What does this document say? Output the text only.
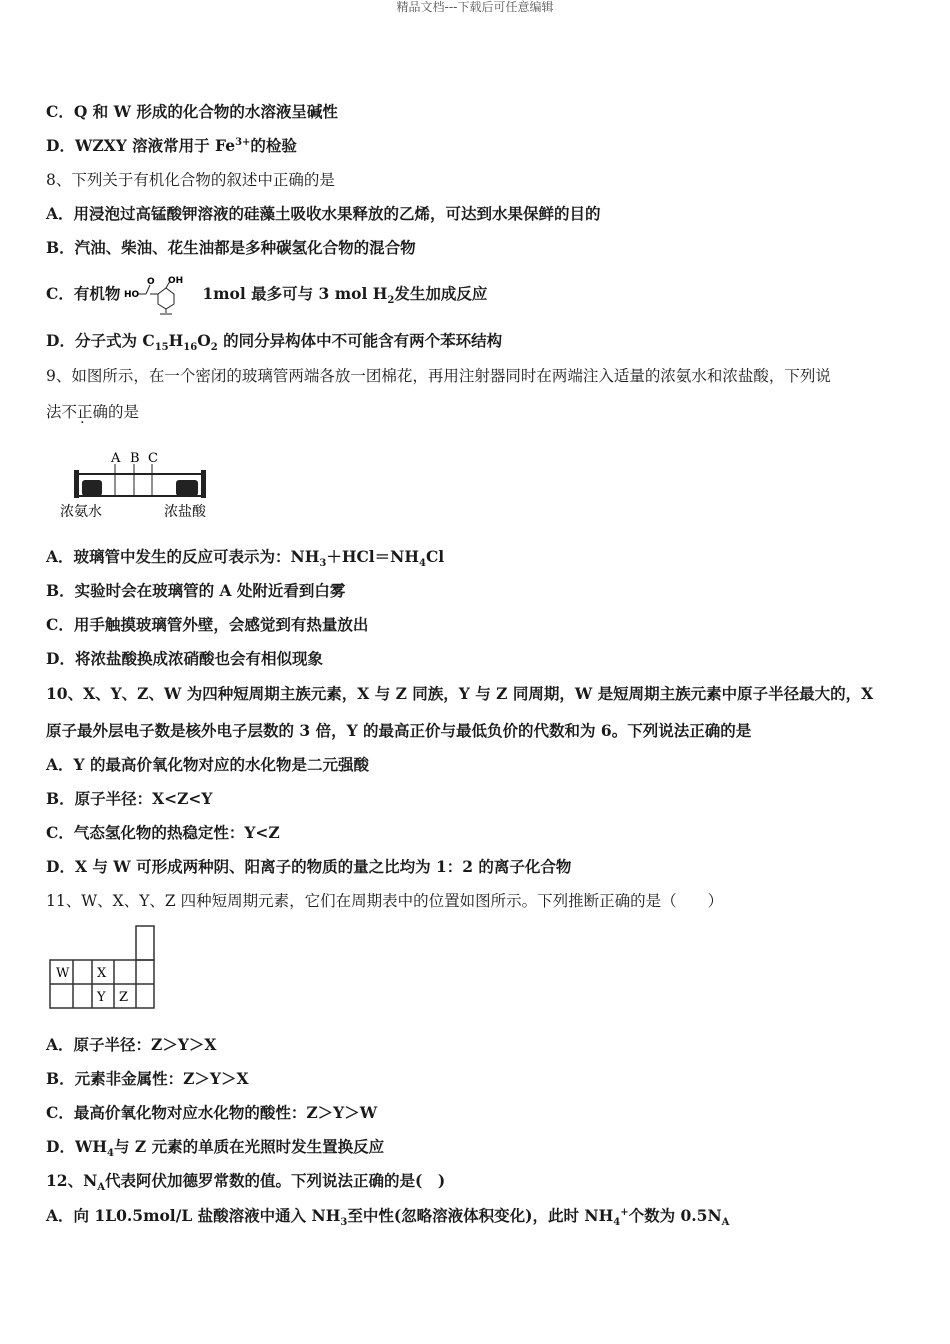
精品文档---下载后可任意编辑
C．Q 和 W 形成的化合物的水溶液呈碱性
D．WZXY 溶液常用于 $Fe^{3+}$的检验
8、下列关于有机化合物的叙述中正确的是
A．用浸泡过高锰酸钾溶液的硅藻土吸收水果释放的乙烯，可达到水果保鲜的目的
B．汽油、柴油、花生油都是多种碳氢化合物的混合物
C．有机物 HO
O OH
1mol 最多可与 3 mol $H_2$发生加成反应
D．分子式为 $C_{15}H_{16}O_2$ 的同分异构体中不可能含有两个苯环结构
9、如图所示，在一个密闭的玻璃管两端各放一团棉花，再用注射器同时在两端注入适量的浓氨水和浓盐酸，下列说
法不正确的是
A B C
浓氨水	浓盐酸
A．玻璃管中发生的反应可表示为：$NH_3+HCl=NH_4Cl$
B．实验时会在玻璃管的 A 处附近看到白雾
C．用手触摸玻璃管外壁，会感觉到有热量放出
D．将浓盐酸换成浓硝酸也会有相似现象
10、X、Y、Z、W 为四种短周期主族元素，X 与 Z 同族，Y 与 Z 同周期，W 是短周期主族元素中原子半径最大的，X
原子最外层电子数是核外电子层数的 3 倍，Y 的最高正价与最低负价的代数和为 6。下列说法正确的是
A．Y 的最高价氧化物对应的水化物是二元强酸
B．原子半径：X<Z<Y
C．气态氢化物的热稳定性：Y<Z
D．X 与 W 可形成两种阴、阳离子的物质的量之比均为 1：2 的离子化合物
11、W、X、Y、Z 四种短周期元素，它们在周期表中的位置如图所示。下列推断正确的是（　　）
W X
Y Z
A．原子半径：Z＞Y＞X
B．元素非金属性：Z＞Y＞X
C．最高价氧化物对应水化物的酸性：Z＞Y＞W
D．$WH_4$与 Z 元素的单质在光照时发生置换反应
12、$N_A$代表阿伏加德罗常数的值。下列说法正确的是(　)
A．向 1L0.5mol/L 盐酸溶液中通入 $NH_3$至中性(忽略溶液体积变化)，此时 $NH_4^+$个数为 $0.5N_A$
